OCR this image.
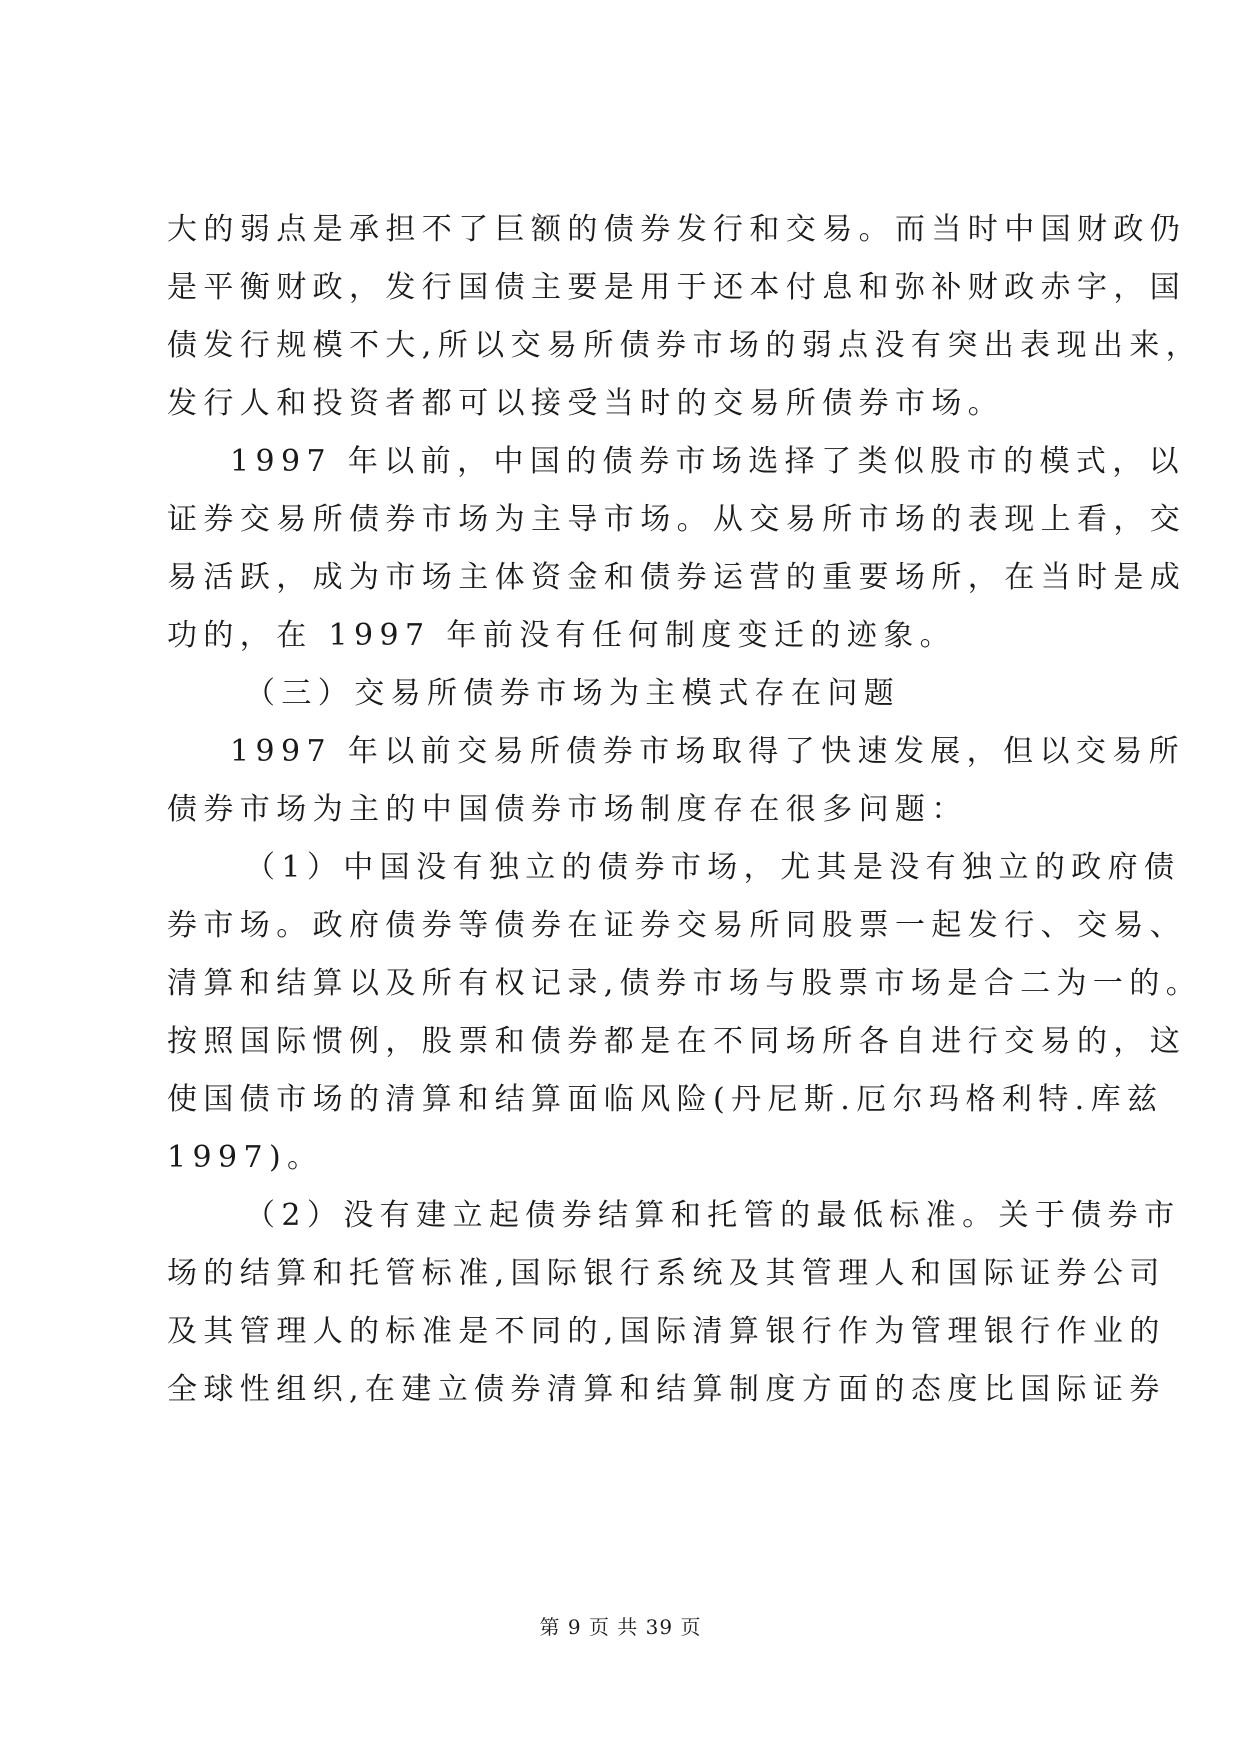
大的弱点是承担不了巨额的债券发行和交易。而当时中国财政仍
是平衡财政，发行国债主要是用于还本付息和弥补财政赤字，国
债发行规模不大,所以交易所债券市场的弱点没有突出表现出来，
发行人和投资者都可以接受当时的交易所债券市场。
1997 年以前，中国的债券市场选择了类似股市的模式，以
证券交易所债券市场为主导市场。从交易所市场的表现上看，交
易活跃，成为市场主体资金和债券运营的重要场所，在当时是成
功的，在 1997 年前没有任何制度变迁的迹象。
（三）交易所债券市场为主模式存在问题
1997 年以前交易所债券市场取得了快速发展，但以交易所
债券市场为主的中国债券市场制度存在很多问题：
（1）中国没有独立的债券市场，尤其是没有独立的政府债
券市场。政府债券等债券在证券交易所同股票一起发行、交易、
清算和结算以及所有权记录,债券市场与股票市场是合二为一的。
按照国际惯例，股票和债券都是在不同场所各自进行交易的，这
使国债市场的清算和结算面临风险(丹尼斯.厄尔玛格利特.库兹
1997)。
（2）没有建立起债券结算和托管的最低标准。关于债券市
场的结算和托管标准,国际银行系统及其管理人和国际证券公司
及其管理人的标准是不同的,国际清算银行作为管理银行作业的
全球性组织,在建立债券清算和结算制度方面的态度比国际证券
第 9 页 共 39 页
